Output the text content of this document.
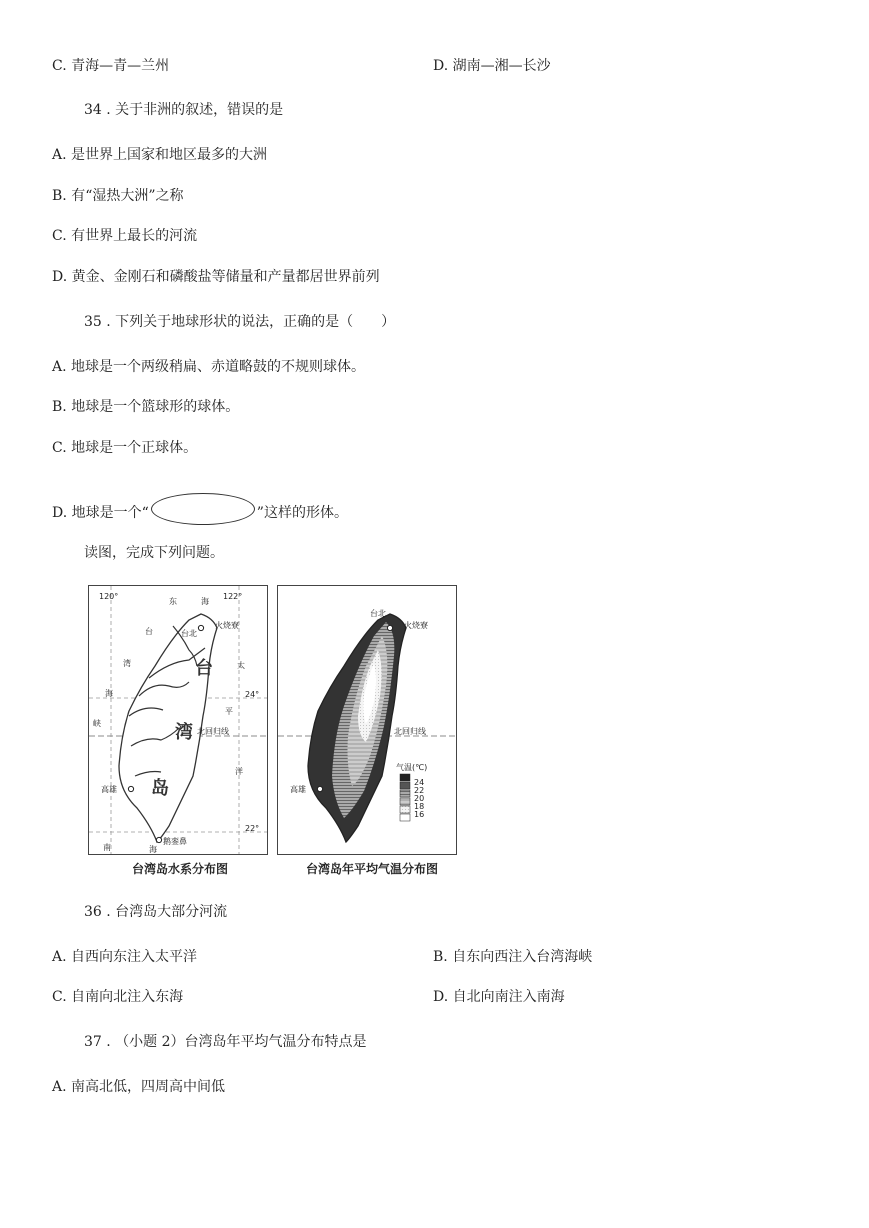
C. 青海—青—兰州	D. 湖南—湘—长沙
34 . 关于非洲的叙述，错误的是
A. 是世界上国家和地区最多的大洲
B. 有“湿热大洲”之称
C. 有世界上最长的河流
D. 黄金、金刚石和磷酸盐等储量和产量都居世界前列
35 . 下列关于地球形状的说法，正确的是（　　）
A. 地球是一个两级稍扁、赤道略鼓的不规则球体。
B. 地球是一个篮球形的球体。
C. 地球是一个正球体。
D. 地球是一个“	”这样的形体。
读图，完成下列问题。
120°	122°
24°
22°
东	海
台
湾
海
峡
太
平
洋
南	海
台
湾
岛
台北
火烧寮
高雄
鹅銮鼻
北回归线
台北
火烧寮
高雄
北回归线
气温(℃)
24
22
20
18
16
台湾岛水系分布图	台湾岛年平均气温分布图
36 . 台湾岛大部分河流
A. 自西向东注入太平洋	B. 自东向西注入台湾海峡
C. 自南向北注入东海	D. 自北向南注入南海
37 . （小题 2）台湾岛年平均气温分布特点是
A. 南高北低，四周高中间低
